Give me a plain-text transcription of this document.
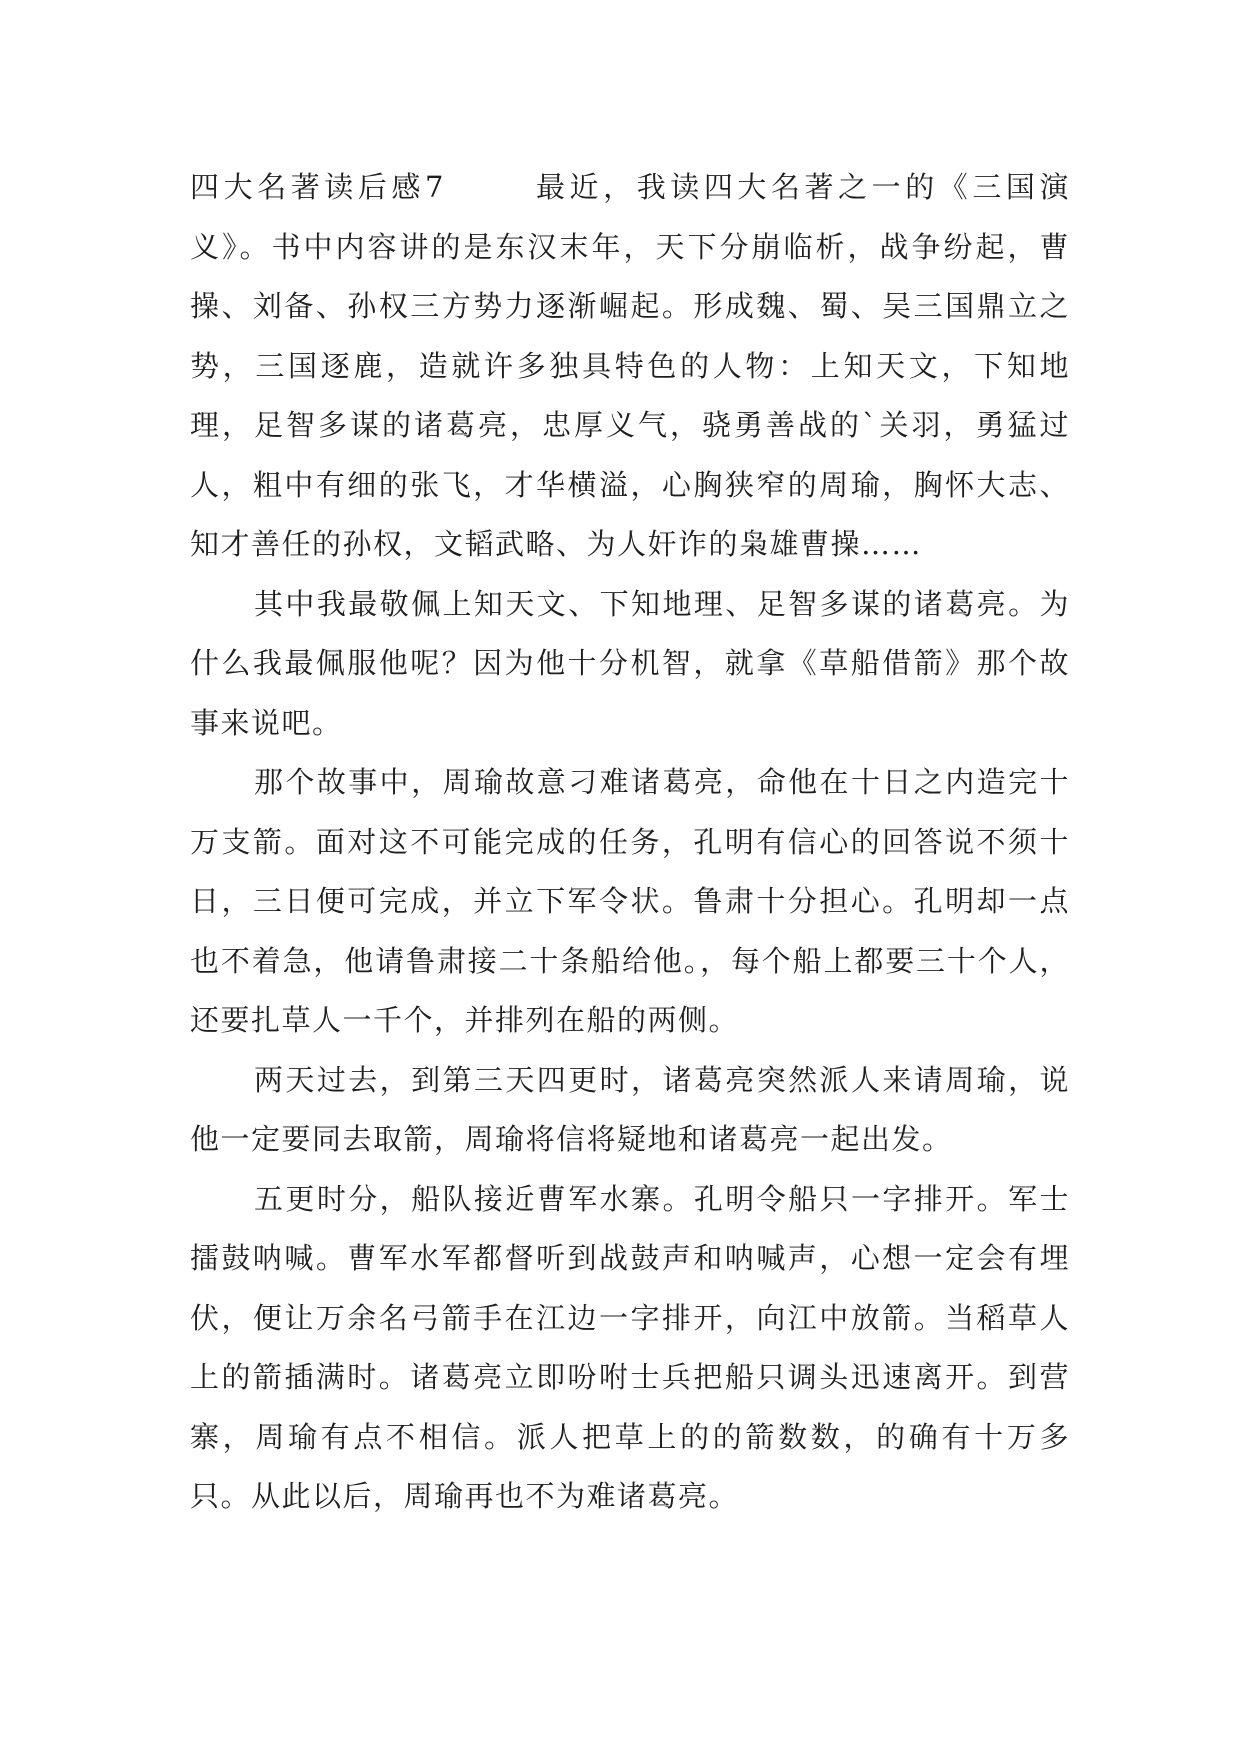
四大名著读后感7	最近，我读四大名著之一的《三国演义》。书中内容讲的是东汉末年，天下分崩临析，战争纷起，曹操、刘备、孙权三方势力逐渐崛起。形成魏、蜀、吴三国鼎立之势，三国逐鹿，造就许多独具特色的人物：上知天文，下知地理，足智多谋的诸葛亮，忠厚义气，骁勇善战的`关羽，勇猛过人，粗中有细的张飞，才华横溢，心胸狭窄的周瑜，胸怀大志、知才善任的孙权，文韬武略、为人奸诈的枭雄曹操……

其中我最敬佩上知天文、下知地理、足智多谋的诸葛亮。为什么我最佩服他呢？因为他十分机智，就拿《草船借箭》那个故事来说吧。

那个故事中，周瑜故意刁难诸葛亮，命他在十日之内造完十万支箭。面对这不可能完成的任务，孔明有信心的回答说不须十日，三日便可完成，并立下军令状。鲁肃十分担心。孔明却一点也不着急，他请鲁肃接二十条船给他。，每个船上都要三十个人，还要扎草人一千个，并排列在船的两侧。

两天过去，到第三天四更时，诸葛亮突然派人来请周瑜，说他一定要同去取箭，周瑜将信将疑地和诸葛亮一起出发。

五更时分，船队接近曹军水寨。孔明令船只一字排开。军士擂鼓呐喊。曹军水军都督听到战鼓声和呐喊声，心想一定会有埋伏，便让万余名弓箭手在江边一字排开，向江中放箭。当稻草人上的箭插满时。诸葛亮立即吩咐士兵把船只调头迅速离开。到营寨，周瑜有点不相信。派人把草上的的箭数数，的确有十万多只。从此以后，周瑜再也不为难诸葛亮。
